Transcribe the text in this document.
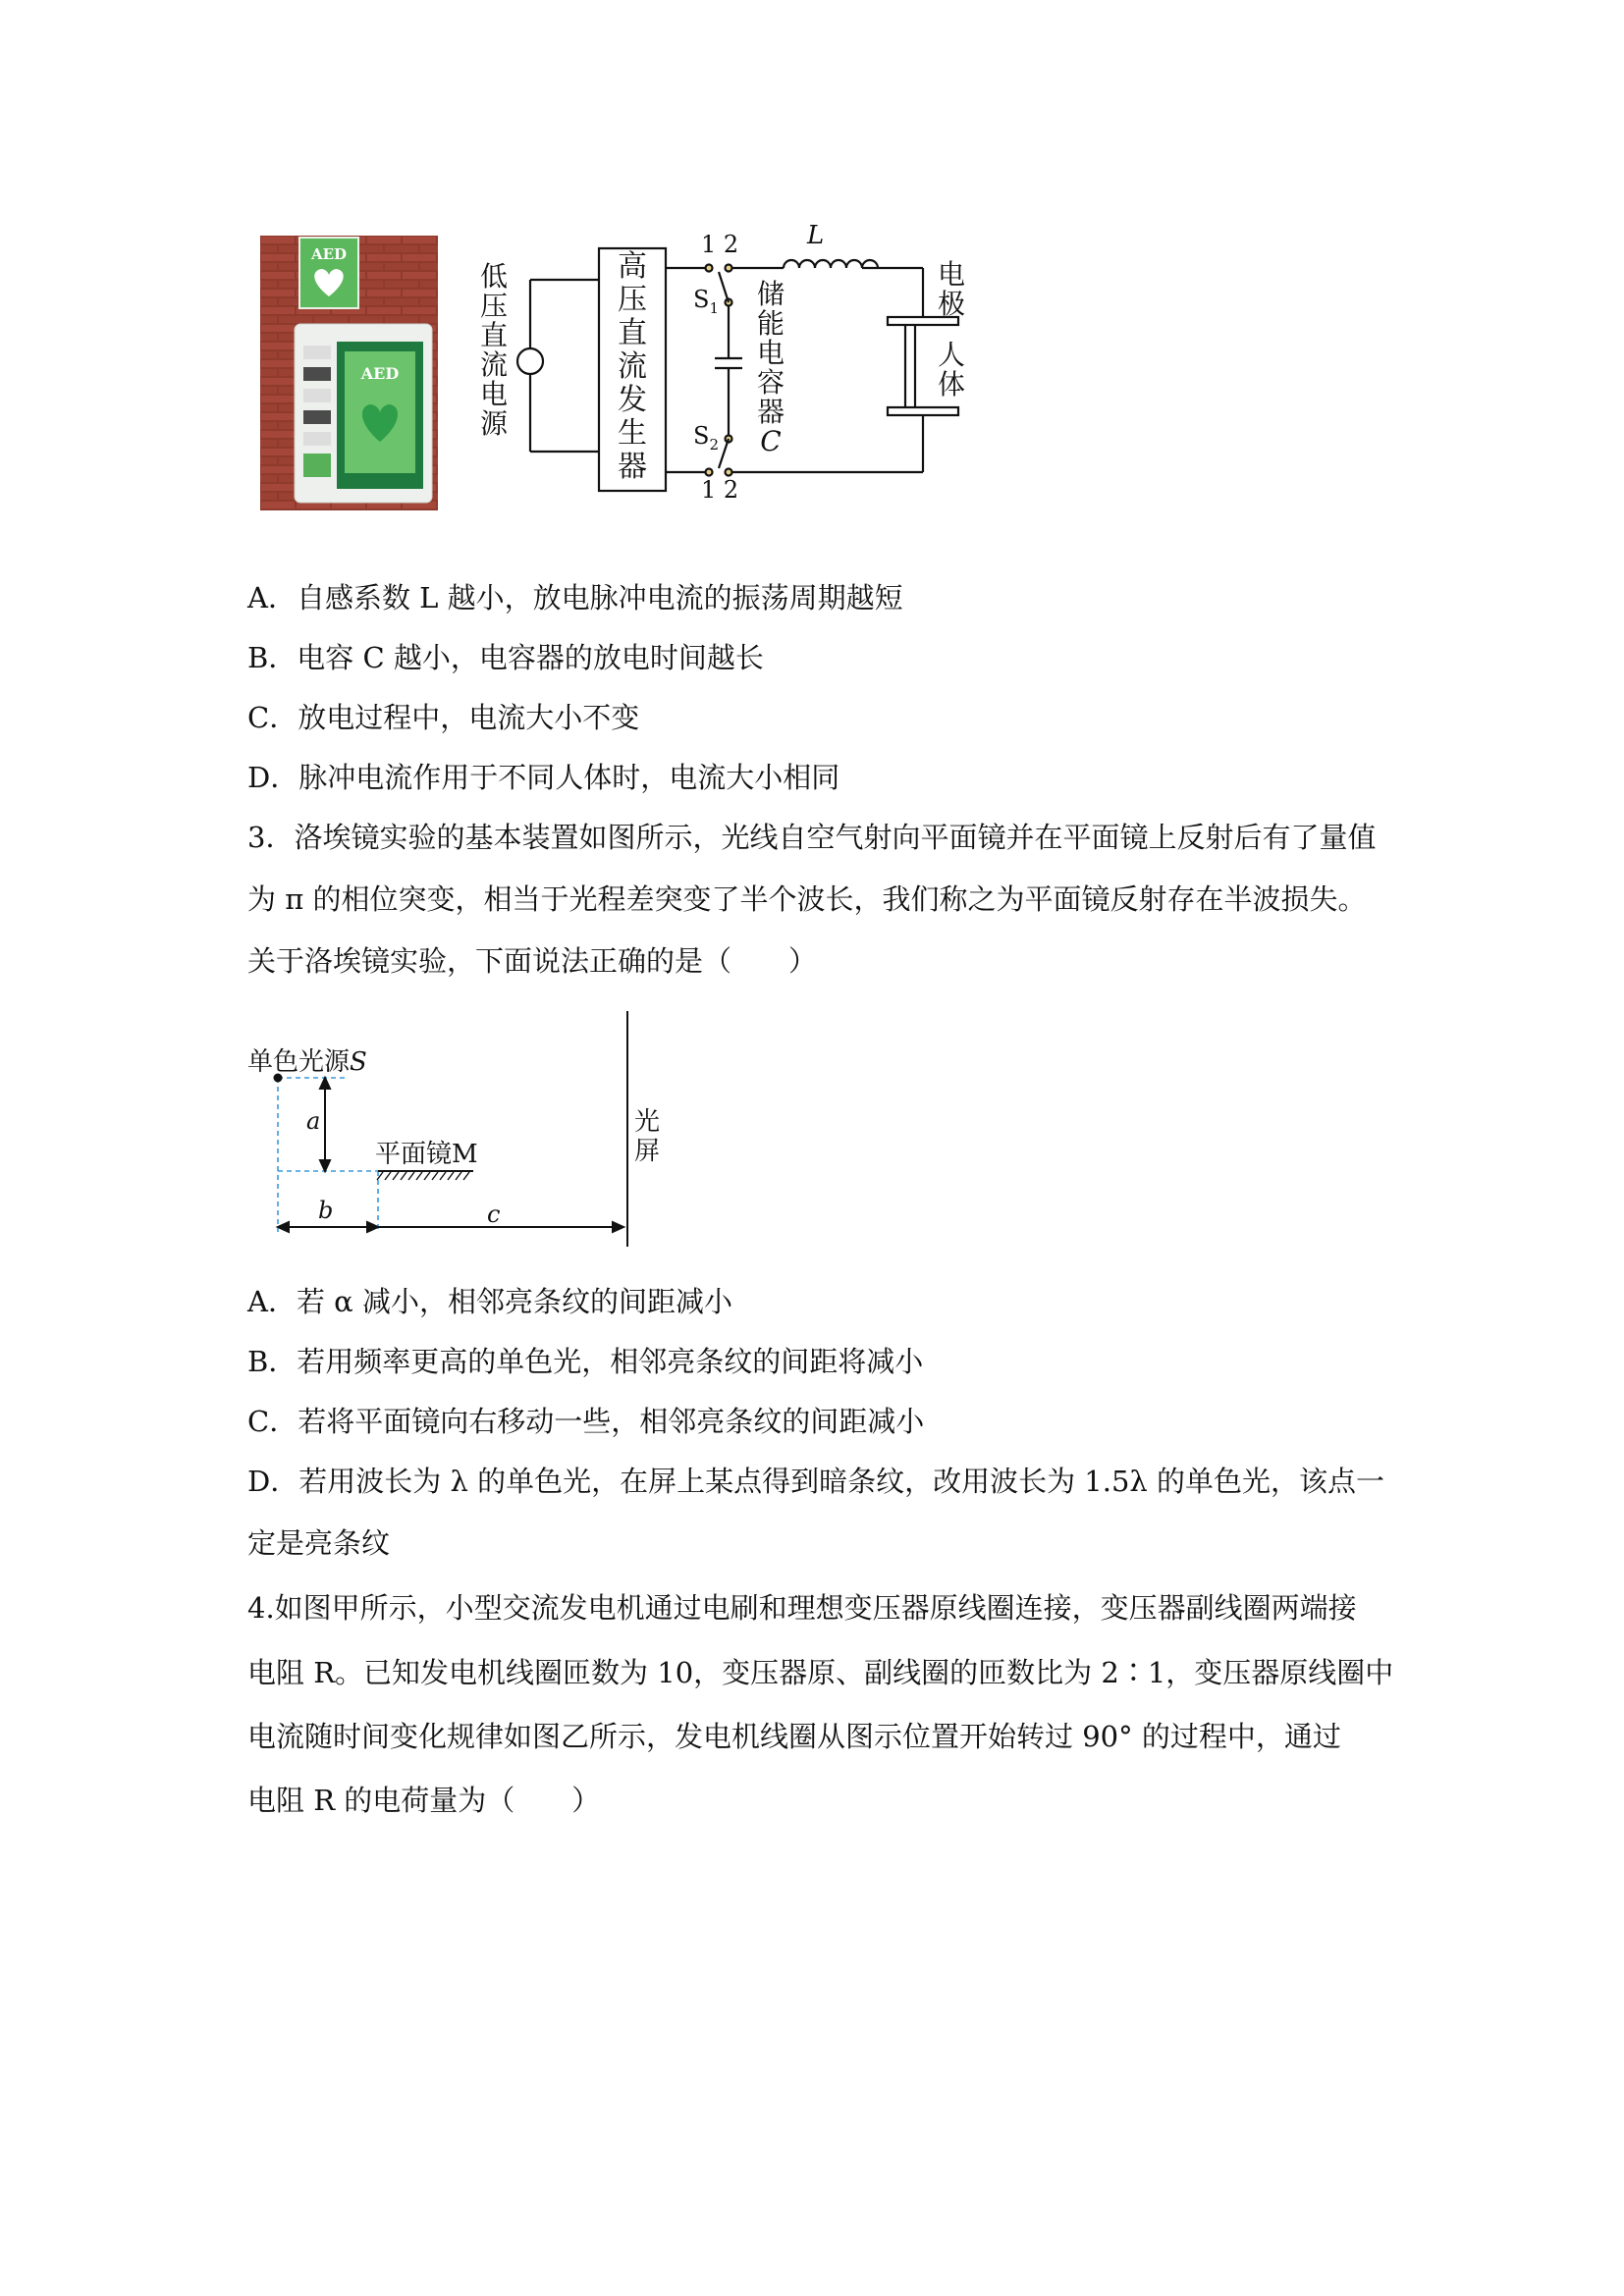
AED
AED
低
压
直
流
电
源
高
压
直
流
发
生
器
1 2
1 2
L
$S_1$
$S_2$
储
能
电
容
器
C
电
极
人
体
A．自感系数 L 越小，放电脉冲电流的振荡周期越短
B．电容 C 越小，电容器的放电时间越长
C．放电过程中，电流大小不变
D．脉冲电流作用于不同人体时，电流大小相同
3．洛埃镜实验的基本装置如图所示，光线自空气射向平面镜并在平面镜上反射后有了量值
为 π 的相位突变，相当于光程差突变了半个波长，我们称之为平面镜反射存在半波损失。
关于洛埃镜实验，下面说法正确的是（　　）
单色光源S
a
平面镜M
b	c
光
屏
A．若 α 减小，相邻亮条纹的间距减小
B．若用频率更高的单色光，相邻亮条纹的间距将减小
C．若将平面镜向右移动一些，相邻亮条纹的间距减小
D．若用波长为 λ 的单色光，在屏上某点得到暗条纹，改用波长为 1.5λ 的单色光，该点一
定是亮条纹
4.如图甲所示，小型交流发电机通过电刷和理想变压器原线圈连接，变压器副线圈两端接
电阻 R。已知发电机线圈匝数为 10，变压器原、副线圈的匝数比为 2∶1，变压器原线圈中
电流随时间变化规律如图乙所示，发电机线圈从图示位置开始转过 90° 的过程中，通过
电阻 R 的电荷量为（　　）
